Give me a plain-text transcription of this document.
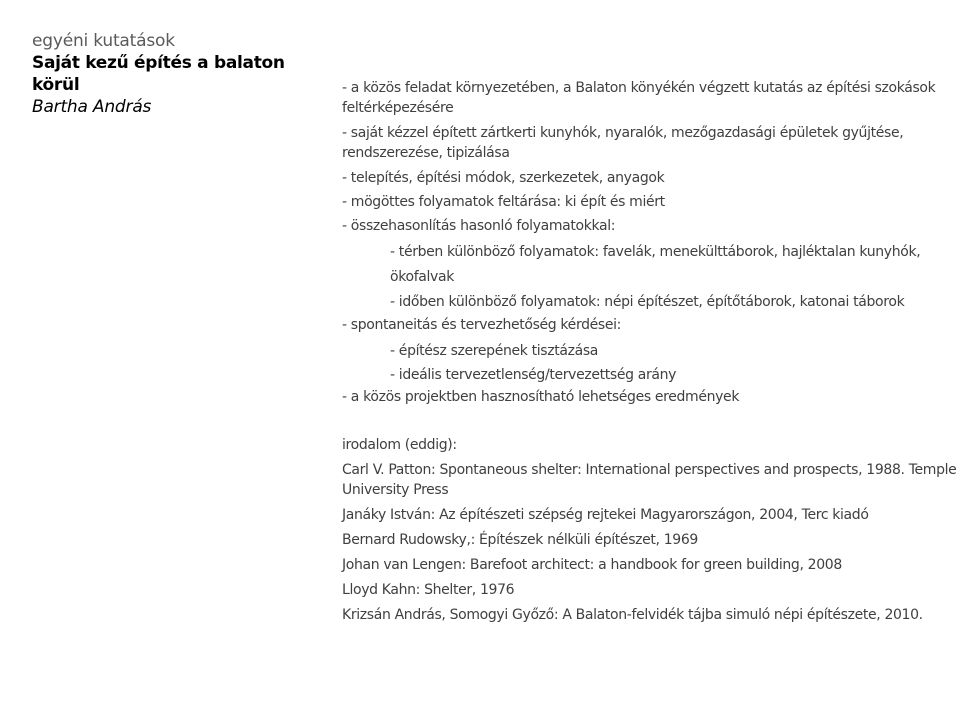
egyéni kutatások
Saját kezű építés a balaton körül
Bartha András

- a közös feladat környezetében, a Balaton könyékén végzett kutatás az építési szokások feltérképezésére

- saját kézzel épített zártkerti kunyhók, nyaralók, mezőgazdasági épületek gyűjtése, rendszerezése, tipizálása

- telepítés, építési módok, szerkezetek, anyagok

- mögöttes folyamatok feltárása: ki épít és miért

- összehasonlítás hasonló folyamatokkal:

- térben különböző folyamatok: favelák, menekülttáborok, hajléktalan kunyhók, ökofalvak

- időben különböző folyamatok: népi építészet, építőtáborok, katonai táborok

- spontaneitás és tervezhetőség kérdései:

- építész szerepének tisztázása

- ideális tervezetlenség/tervezettség arány

- a közös projektben hasznosítható lehetséges eredmények

irodalom (eddig):

Carl V. Patton: Spontaneous shelter: International perspectives and prospects, 1988. Temple University Press

Janáky István: Az építészeti szépség rejtekei Magyarországon, 2004, Terc kiadó

Bernard Rudowsky,: Építészek nélküli építészet, 1969

Johan van Lengen: Barefoot architect: a handbook for green building, 2008

Lloyd Kahn: Shelter, 1976

Krizsán András, Somogyi Győző: A Balaton-felvidék tájba simuló népi építészete, 2010.
